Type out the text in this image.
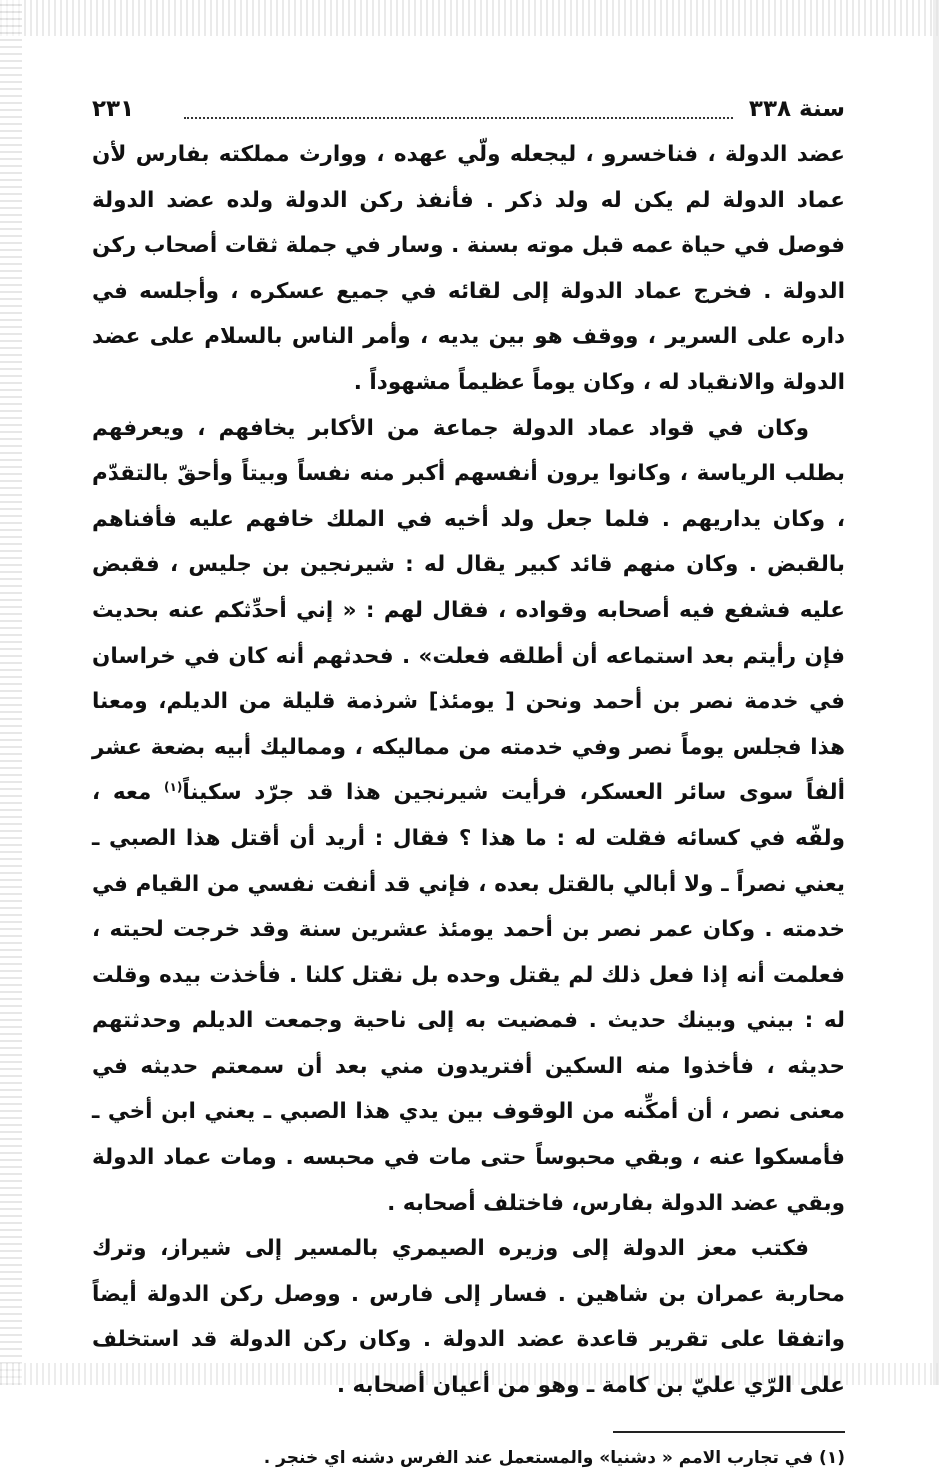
سنة ٣٣٨
٢٣١

عضد الدولة ، فناخسرو ، ليجعله ولّي عهده ، ووارث مملكته بفارس لأن عماد الدولة لم يكن له ولد ذكر . فأنفذ ركن الدولة ولده عضد الدولة فوصل في حياة عمه قبل موته بسنة . وسار في جملة ثقات أصحاب ركن الدولة . فخرج عماد الدولة إلى لقائه في جميع عسكره ، وأجلسه في داره على السرير ، ووقف هو بين يديه ، وأمر الناس بالسلام على عضد الدولة والانقياد له ، وكان يوماً عظيماً مشهوداً .

وكان في قواد عماد الدولة جماعة من الأكابر يخافهم ، ويعرفهم بطلب الرياسة ، وكانوا يرون أنفسهم أكبر منه نفساً وبيتاً وأحقّ بالتقدّم ، وكان يداريهم . فلما جعل ولد أخيه في الملك خافهم عليه فأفناهم بالقبض . وكان منهم قائد كبير يقال له : شيرنجين بن جليس ، فقبض عليه فشفع فيه أصحابه وقواده ، فقال لهم : « إني أحدِّثكم عنه بحديث فإن رأيتم بعد استماعه أن أطلقه فعلت» . فحدثهم أنه كان في خراسان في خدمة نصر بن أحمد ونحن [ يومئذ] شرذمة قليلة من الديلم، ومعنا هذا فجلس يوماً نصر وفي خدمته من مماليكه ، ومماليك أبيه بضعة عشر ألفاً سوى سائر العسكر، فرأيت شيرنجين هذا قد جرّد سكيناً$^{(١)}$ معه ، ولفّه في كسائه فقلت له : ما هذا ؟ فقال : أريد أن أقتل هذا الصبي ـ يعني نصراً ـ ولا أبالي بالقتل بعده ، فإني قد أنفت نفسي من القيام في خدمته . وكان عمر نصر بن أحمد يومئذ عشرين سنة وقد خرجت لحيته ، فعلمت أنه إذا فعل ذلك لم يقتل وحده بل نقتل كلنا . فأخذت بيده وقلت له : بيني وبينك حديث . فمضيت به إلى ناحية وجمعت الديلم وحدثتهم حديثه ، فأخذوا منه السكين أفتريدون مني بعد أن سمعتم حديثه في معنى نصر ، أن أمكِّنه من الوقوف بين يدي هذا الصبي ـ يعني ابن أخي ـ فأمسكوا عنه ، وبقي محبوساً حتى مات في محبسه . ومات عماد الدولة وبقي عضد الدولة بفارس، فاختلف أصحابه .

فكتب معز الدولة إلى وزيره الصيمري بالمسير إلى شيراز، وترك محاربة عمران بن شاهين . فسار إلى فارس . ووصل ركن الدولة أيضاً واتفقا على تقرير قاعدة عضد الدولة . وكان ركن الدولة قد استخلف على الرّي عليّ بن كامة ـ وهو من أعيان أصحابه .

(١) في تجارب الامم « دشنيا» والمستعمل عند الفرس دشنه اي خنجر .
